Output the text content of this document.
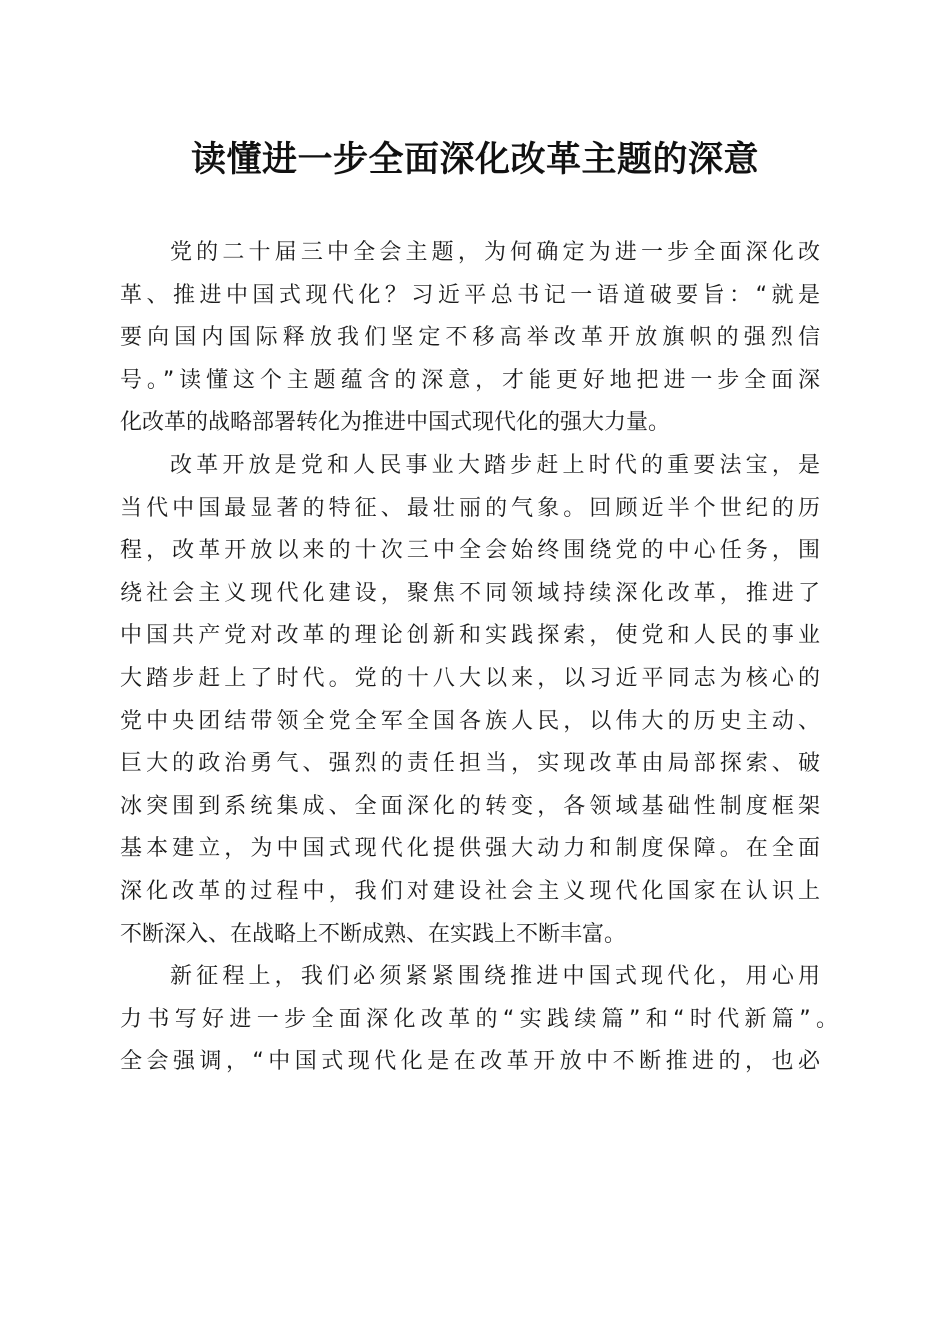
读懂进一步全面深化改革主题的深意
党的二十届三中全会主题，为何确定为进一步全面深化改
革、推进中国式现代化？习近平总书记一语道破要旨：“就是
要向国内国际释放我们坚定不移高举改革开放旗帜的强烈信
号。”读懂这个主题蕴含的深意，才能更好地把进一步全面深
化改革的战略部署转化为推进中国式现代化的强大力量。
改革开放是党和人民事业大踏步赶上时代的重要法宝，是
当代中国最显著的特征、最壮丽的气象。回顾近半个世纪的历
程，改革开放以来的十次三中全会始终围绕党的中心任务，围
绕社会主义现代化建设，聚焦不同领域持续深化改革，推进了
中国共产党对改革的理论创新和实践探索，使党和人民的事业
大踏步赶上了时代。党的十八大以来，以习近平同志为核心的
党中央团结带领全党全军全国各族人民，以伟大的历史主动、
巨大的政治勇气、强烈的责任担当，实现改革由局部探索、破
冰突围到系统集成、全面深化的转变，各领域基础性制度框架
基本建立，为中国式现代化提供强大动力和制度保障。在全面
深化改革的过程中，我们对建设社会主义现代化国家在认识上
不断深入、在战略上不断成熟、在实践上不断丰富。
新征程上，我们必须紧紧围绕推进中国式现代化，用心用
力书写好进一步全面深化改革的“实践续篇”和“时代新篇”。
全会强调，“中国式现代化是在改革开放中不断推进的，也必
